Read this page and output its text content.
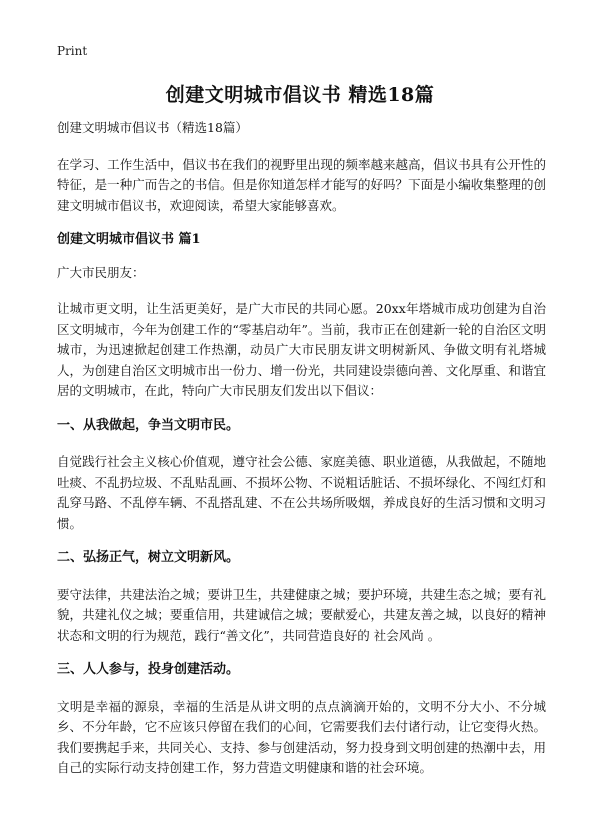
Print
创建文明城市倡议书 精选18篇

创建文明城市倡议书（精选18篇）

在学习、工作生活中，倡议书在我们的视野里出现的频率越来越高，倡议书具有公开性的特征，是一种广而告之的书信。但是你知道怎样才能写的好吗？下面是小编收集整理的创建文明城市倡议书，欢迎阅读，希望大家能够喜欢。

创建文明城市倡议书 篇1

广大市民朋友：

让城市更文明，让生活更美好，是广大市民的共同心愿。20xx年塔城市成功创建为自治区文明城市，今年为创建工作的“零基启动年”。当前，我市正在创建新一轮的自治区文明城市，为迅速掀起创建工作热潮，动员广大市民朋友讲文明树新风、争做文明有礼塔城人，为创建自治区文明城市出一份力、增一份光，共同建设崇德向善、文化厚重、和谐宜居的文明城市，在此，特向广大市民朋友们发出以下倡议：

一、从我做起，争当文明市民。

自觉践行社会主义核心价值观，遵守社会公德、家庭美德、职业道德，从我做起，不随地吐痰、不乱扔垃圾、不乱贴乱画、不损坏公物、不说粗话脏话、不损坏绿化、不闯红灯和乱穿马路、不乱停车辆、不乱搭乱建、不在公共场所吸烟，养成良好的生活习惯和文明习惯。

二、弘扬正气，树立文明新风。

要守法律，共建法治之城；要讲卫生，共建健康之城；要护环境，共建生态之城；要有礼貌，共建礼仪之城；要重信用，共建诚信之城；要献爱心，共建友善之城，以良好的精神状态和文明的行为规范，践行“善文化”，共同营造良好的 社会风尚 。

三、人人参与，投身创建活动。

文明是幸福的源泉，幸福的生活是从讲文明的点点滴滴开始的，文明不分大小、不分城乡、不分年龄，它不应该只停留在我们的心间，它需要我们去付诸行动，让它变得火热。我们要携起手来，共同关心、支持、参与创建活动，努力投身到文明创建的热潮中去，用自己的实际行动支持创建工作，努力营造文明健康和谐的社会环境。
